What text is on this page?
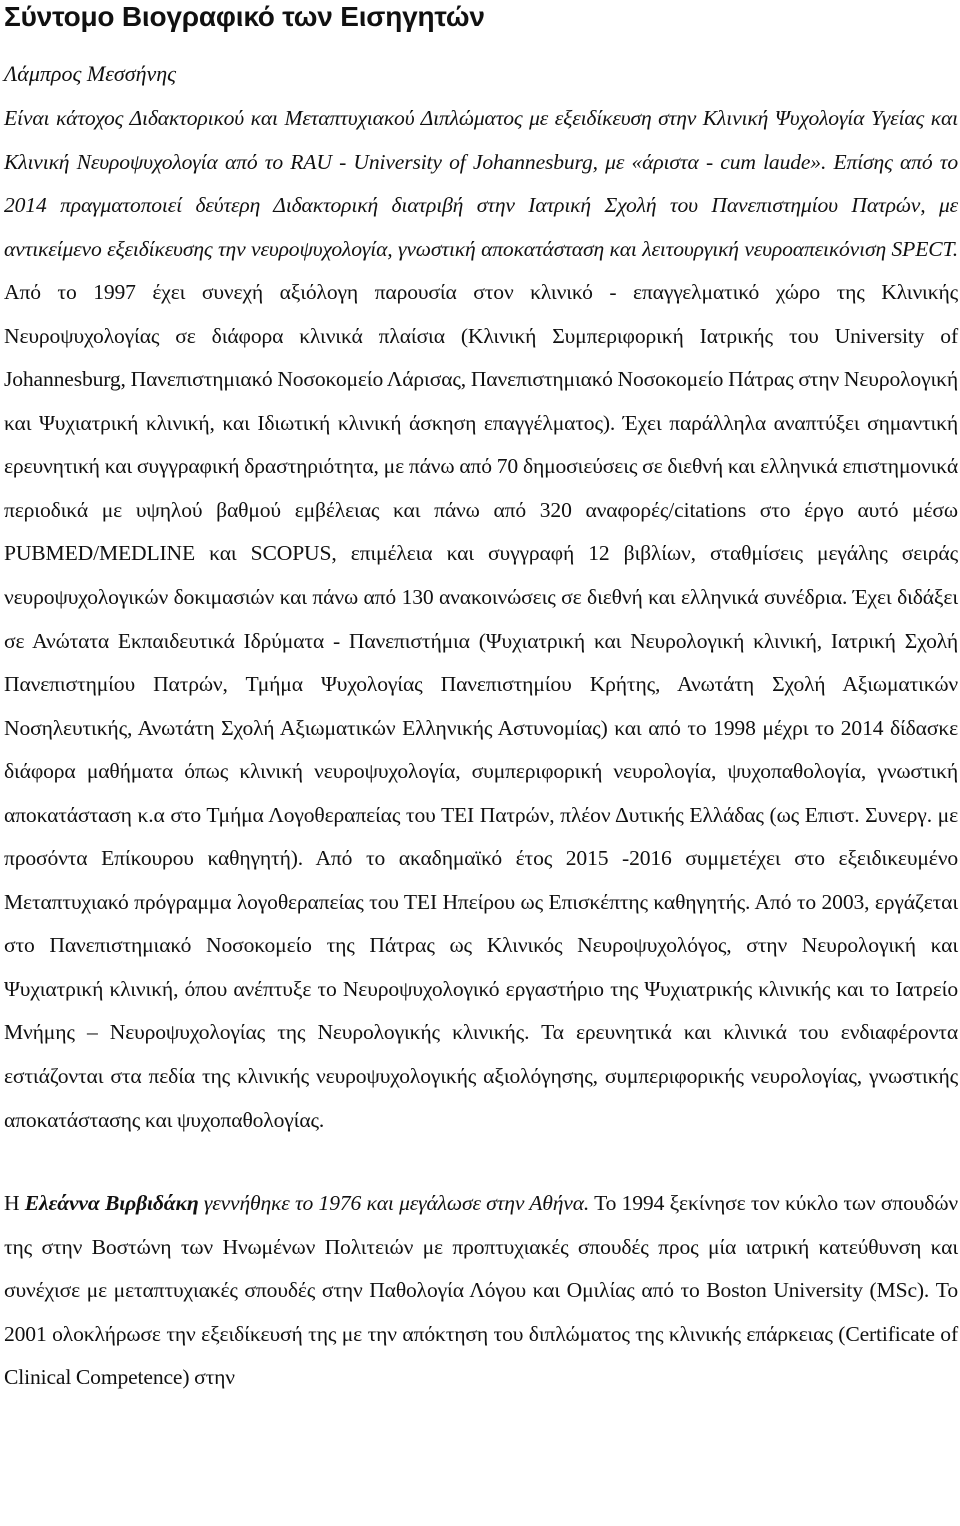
Σύντομο Βιογραφικό των Εισηγητών

Λάμπρος Μεσσήνης

Είναι κάτοχος Διδακτορικού και Μεταπτυχιακού Διπλώματος με εξειδίκευση στην Κλινική Ψυχολογία Υγείας και Κλινική Νευροψυχολογία από το RAU - University of Johannesburg, με «άριστα - cum laude». Επίσης από το 2014 πραγματοποιεί δεύτερη Διδακτορική διατριβή στην Ιατρική Σχολή του Πανεπιστημίου Πατρών, με αντικείμενο εξειδίκευσης την νευροψυχολογία, γνωστική αποκατάσταση και λειτουργική νευροαπεικόνιση SPECT. Από το 1997 έχει συνεχή αξιόλογη παρουσία στον κλινικό - επαγγελματικό χώρο της Κλινικής Νευροψυχολογίας σε διάφορα κλινικά πλαίσια (Κλινική Συμπεριφορική Ιατρικής του University of Johannesburg, Πανεπιστημιακό Νοσοκομείο Λάρισας, Πανεπιστημιακό Νοσοκομείο Πάτρας στην Νευρολογική και Ψυχιατρική κλινική, και Ιδιωτική κλινική άσκηση επαγγέλματος). Έχει παράλληλα αναπτύξει σημαντική ερευνητική και συγγραφική δραστηριότητα, με πάνω από 70 δημοσιεύσεις σε διεθνή και ελληνικά επιστημονικά περιοδικά με υψηλού βαθμού εμβέλειας και πάνω από 320 αναφορές/citations στο έργο αυτό μέσω PUBMED/MEDLINE και SCOPUS, επιμέλεια και συγγραφή 12 βιβλίων, σταθμίσεις μεγάλης σειράς νευροψυχολογικών δοκιμασιών και πάνω από 130 ανακοινώσεις σε διεθνή και ελληνικά συνέδρια. Έχει διδάξει σε Ανώτατα Εκπαιδευτικά Ιδρύματα - Πανεπιστήμια (Ψυχιατρική και Νευρολογική κλινική, Ιατρική Σχολή Πανεπιστημίου Πατρών, Τμήμα Ψυχολογίας Πανεπιστημίου Κρήτης, Ανωτάτη Σχολή Αξιωματικών Νοσηλευτικής, Ανωτάτη Σχολή Αξιωματικών Ελληνικής Αστυνομίας) και από το 1998 μέχρι το 2014 δίδασκε διάφορα μαθήματα όπως κλινική νευροψυχολογία, συμπεριφορική νευρολογία, ψυχοπαθολογία, γνωστική αποκατάσταση κ.α στο Τμήμα Λογοθεραπείας του ΤΕΙ Πατρών, πλέον Δυτικής Ελλάδας (ως Επιστ. Συνεργ. με προσόντα Επίκουρου καθηγητή). Από το ακαδημαϊκό έτος 2015 -2016 συμμετέχει στο εξειδικευμένο Μεταπτυχιακό πρόγραμμα λογοθεραπείας του ΤΕΙ Ηπείρου ως Επισκέπτης καθηγητής. Από το 2003, εργάζεται στο Πανεπιστημιακό Νοσοκομείο της Πάτρας ως Κλινικός Νευροψυχολόγος, στην Νευρολογική και Ψυχιατρική κλινική, όπου ανέπτυξε το Νευροψυχολογικό εργαστήριο της Ψυχιατρικής κλινικής και το Ιατρείο Μνήμης – Νευροψυχολογίας της Νευρολογικής κλινικής. Τα ερευνητικά και κλινικά του ενδιαφέροντα εστιάζονται στα πεδία της κλινικής νευροψυχολογικής αξιολόγησης, συμπεριφορικής νευρολογίας, γνωστικής αποκατάστασης και ψυχοπαθολογίας.

Η Ελεάννα Βιρβιδάκη γεννήθηκε το 1976 και μεγάλωσε στην Αθήνα. Το 1994 ξεκίνησε τον κύκλο των σπουδών της στην Βοστώνη των Ηνωμένων Πολιτειών με προπτυχιακές σπουδές προς μία ιατρική κατεύθυνση και συνέχισε με μεταπτυχιακές σπουδές στην Παθολογία Λόγου και Ομιλίας από το Boston University (MSc). Το 2001 ολοκλήρωσε την εξειδίκευσή της με την απόκτηση του διπλώματος της κλινικής επάρκειας (Certificate of Clinical Competence) στην
